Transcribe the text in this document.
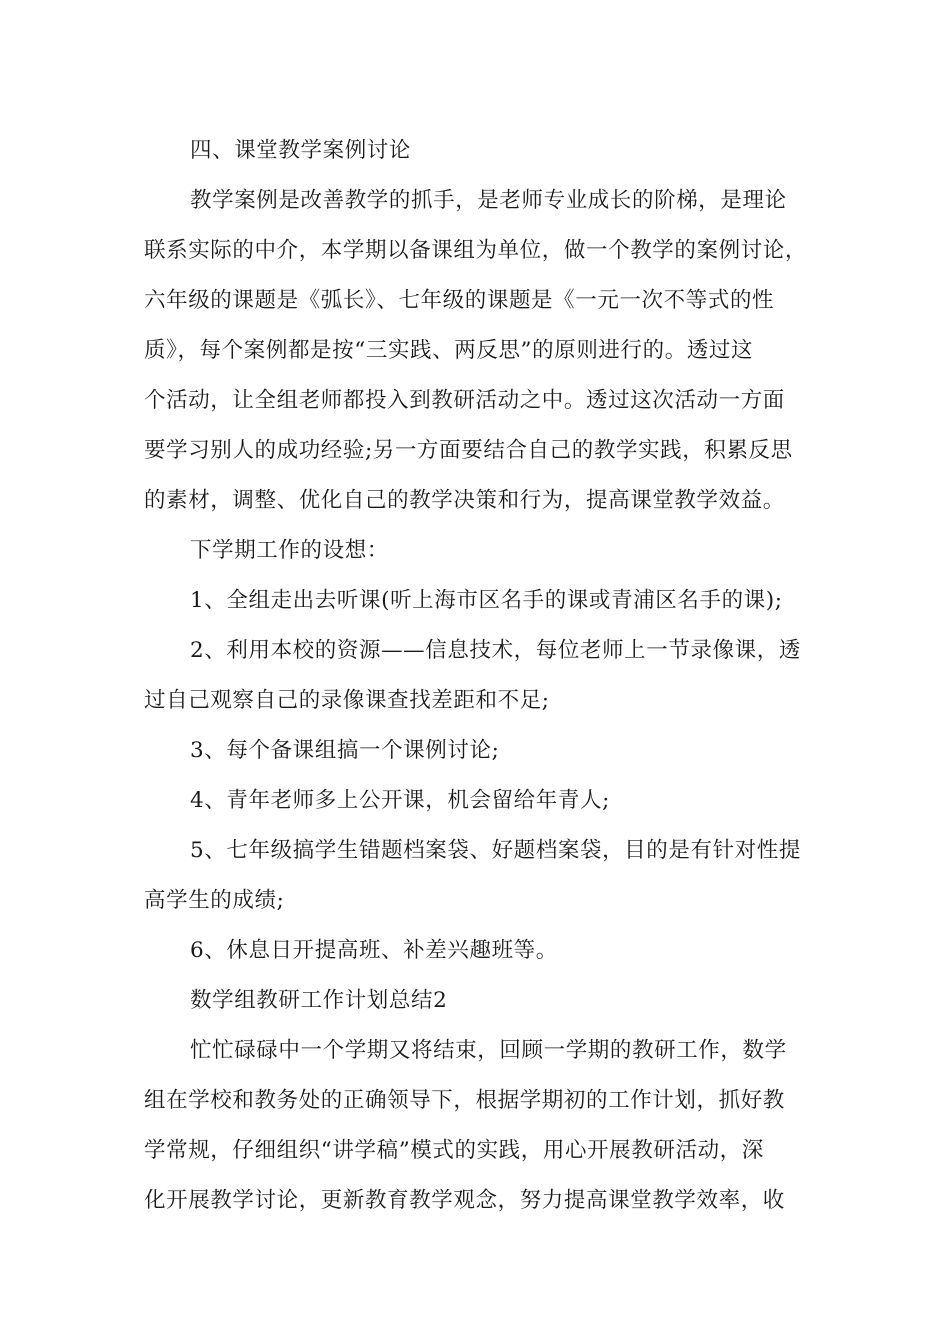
四、课堂教学案例讨论

教学案例是改善教学的抓手，是老师专业成长的阶梯，是理论

联系实际的中介，本学期以备课组为单位，做一个教学的案例讨论，

六年级的课题是《弧长》、七年级的课题是《一元一次不等式的性

质》，每个案例都是按“三实践、两反思”的原则进行的。透过这

个活动，让全组老师都投入到教研活动之中。透过这次活动一方面

要学习别人的成功经验;另一方面要结合自己的教学实践，积累反思

的素材，调整、优化自己的教学决策和行为，提高课堂教学效益。

下学期工作的设想：

1、全组走出去听课(听上海市区名手的课或青浦区名手的课);

2、利用本校的资源——信息技术，每位老师上一节录像课，透

过自己观察自己的录像课查找差距和不足;

3、每个备课组搞一个课例讨论;

4、青年老师多上公开课，机会留给年青人;

5、七年级搞学生错题档案袋、好题档案袋，目的是有针对性提

高学生的成绩;

6、休息日开提高班、补差兴趣班等。

数学组教研工作计划总结2

忙忙碌碌中一个学期又将结束，回顾一学期的教研工作，数学

组在学校和教务处的正确领导下，根据学期初的工作计划，抓好教

学常规，仔细组织“讲学稿”模式的实践，用心开展教研活动，深

化开展教学讨论，更新教育教学观念，努力提高课堂教学效率，收
